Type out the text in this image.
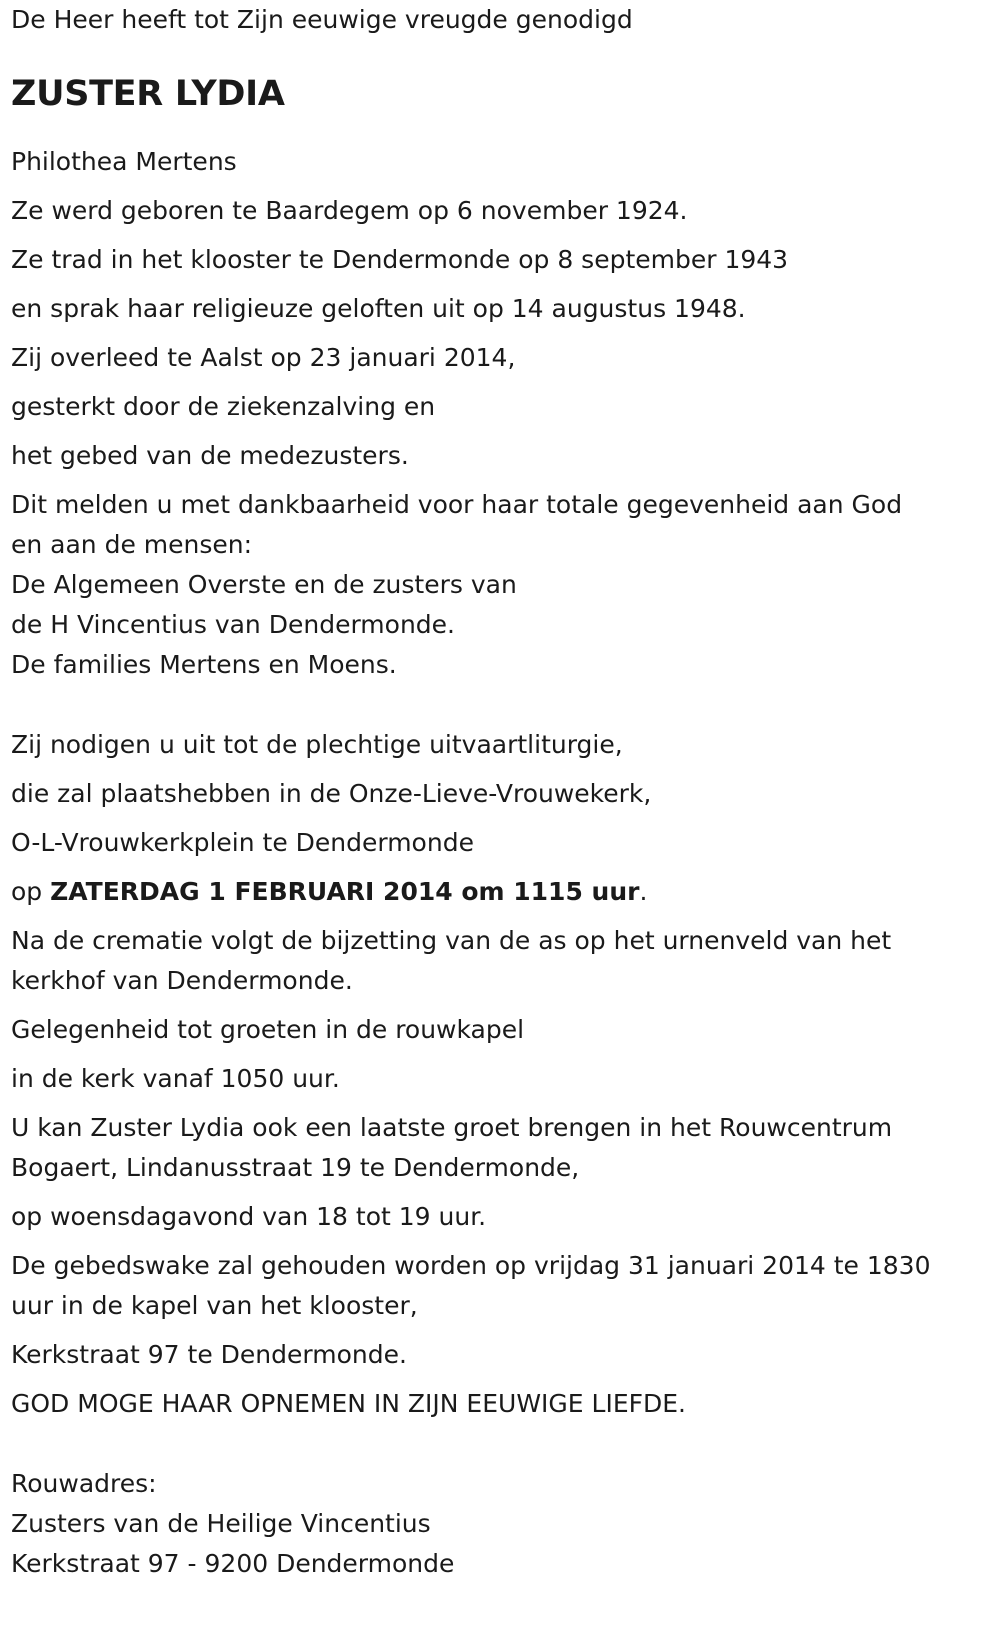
De Heer heeft tot Zijn eeuwige vreugde genodigd

ZUSTER LYDIA

Philothea Mertens

Ze werd geboren te Baardegem op 6 november 1924.

Ze trad in het klooster te Dendermonde op 8 september 1943

en sprak haar religieuze geloften uit op 14 augustus 1948.

Zij overleed te Aalst op 23 januari 2014,

gesterkt door de ziekenzalving en

het gebed van de medezusters.

Dit melden u met dankbaarheid voor haar totale gegevenheid aan God

en aan de mensen:

De Algemeen Overste en de zusters van

de H Vincentius van Dendermonde.

De families Mertens en Moens.

Zij nodigen u uit tot de plechtige uitvaartliturgie,

die zal plaatshebben in de Onze-Lieve-Vrouwekerk,

O-L-Vrouwkerkplein te Dendermonde

op ZATERDAG 1 FEBRUARI 2014 om 1115 uur.

Na de crematie volgt de bijzetting van de as op het urnenveld van het

kerkhof van Dendermonde.

Gelegenheid tot groeten in de rouwkapel

in de kerk vanaf 1050 uur.

U kan Zuster Lydia ook een laatste groet brengen in het Rouwcentrum

Bogaert, Lindanusstraat 19 te Dendermonde,

op woensdagavond van 18 tot 19 uur.

De gebedswake zal gehouden worden op vrijdag 31 januari 2014 te 1830

uur in de kapel van het klooster,

Kerkstraat 97 te Dendermonde.

GOD MOGE HAAR OPNEMEN IN ZIJN EEUWIGE LIEFDE.

Rouwadres:

Zusters van de Heilige Vincentius

Kerkstraat 97 - 9200 Dendermonde
